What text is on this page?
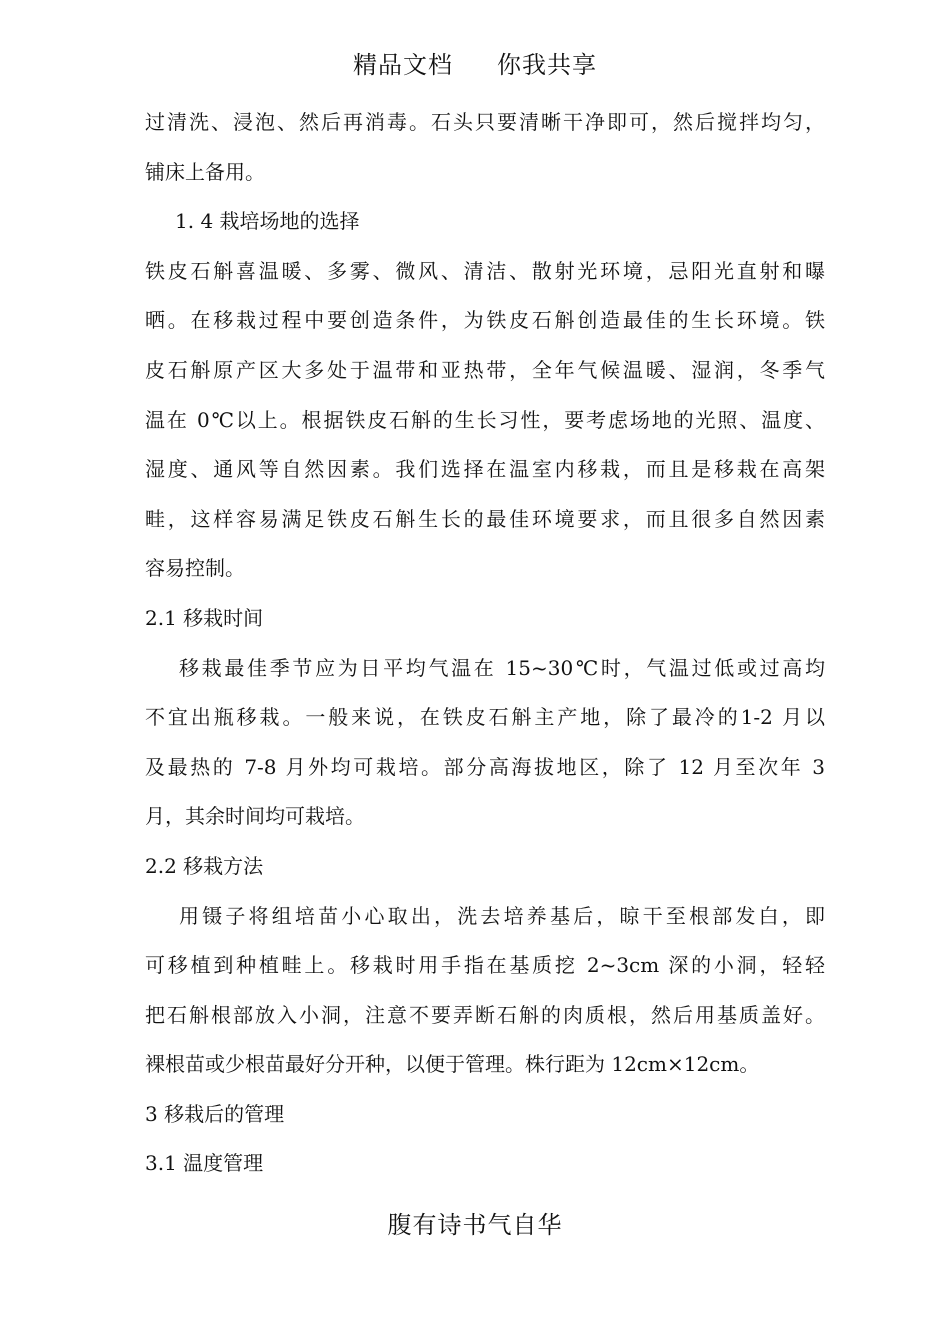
精品文档 你我共享
过清洗、浸泡、然后再消毒。石头只要清晰干净即可，然后搅拌均匀，
铺床上备用。
1. 4 栽培场地的选择
铁皮石斛喜温暖、多雾、微风、清洁、散射光环境，忌阳光直射和曝
晒。在移栽过程中要创造条件，为铁皮石斛创造最佳的生长环境。铁
皮石斛原产区大多处于温带和亚热带，全年气候温暖、湿润，冬季气
温在 0℃以上。根据铁皮石斛的生长习性，要考虑场地的光照、温度、
湿度、通风等自然因素。我们选择在温室内移栽，而且是移栽在高架
畦，这样容易满足铁皮石斛生长的最佳环境要求，而且很多自然因素
容易控制。
2.1 移栽时间
移栽最佳季节应为日平均气温在 15~30℃时，气温过低或过高均
不宜出瓶移栽。一般来说，在铁皮石斛主产地，除了最冷的1-2 月以
及最热的 7-8 月外均可栽培。部分高海拔地区，除了 12 月至次年 3
月，其余时间均可栽培。
2.2 移栽方法
用镊子将组培苗小心取出，洗去培养基后，晾干至根部发白，即
可移植到种植畦上。移栽时用手指在基质挖 2~3cm 深的小洞，轻轻
把石斛根部放入小洞，注意不要弄断石斛的肉质根，然后用基质盖好。
裸根苗或少根苗最好分开种，以便于管理。株行距为 12cm×12cm。
3 移栽后的管理
3.1 温度管理
腹有诗书气自华
